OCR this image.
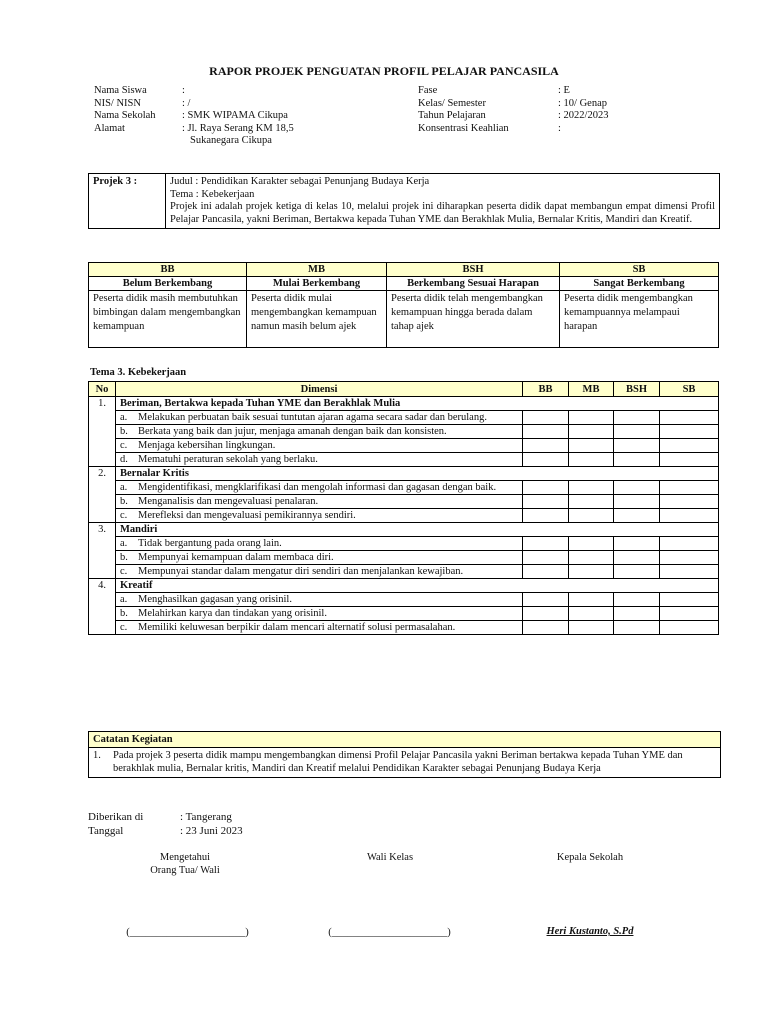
RAPOR PROJEK PENGUATAN PROFIL PELAJAR PANCASILA
Nama Siswa	:
NIS/ NISN	: /
Nama Sekolah	: SMK WIPAMA Cikupa
Alamat	: Jl. Raya Serang KM 18,5
	Sukanegara Cikupa
Fase	: E
Kelas/ Semester	: 10/ Genap
Tahun Pelajaran	: 2022/2023
Konsentrasi Keahlian	:
Projek 3 :	Judul : Pendidikan Karakter sebagai Penunjang Budaya Kerja
Tema : Kebekerjaan
Projek ini adalah projek ketiga di kelas 10, melalui projek ini diharapkan peserta didik dapat membangun empat dimensi Profil Pelajar Pancasila, yakni Beriman, Bertakwa kepada Tuhan YME dan Berakhlak Mulia, Bernalar Kritis, Mandiri dan Kreatif.
BB	MB	BSH	SB
Belum Berkembang	Mulai Berkembang	Berkembang Sesuai Harapan	Sangat Berkembang
Peserta didik masih membutuhkan bimbingan dalam mengembangkan kemampuan	Peserta didik mulai mengembangkan kemampuan namun masih belum ajek	Peserta didik telah mengembangkan kemampuan hingga berada dalam tahap ajek	Peserta didik mengembangkan kemampuannya melampaui harapan
Tema 3. Kebekerjaan
No	Dimensi	BB	MB	BSH	SB
1.	Beriman, Bertakwa kepada Tuhan YME dan Berakhlak Mulia				

	a. Melakukan perbuatan baik sesuai tuntutan ajaran agama secara sadar dan berulang.				

	b. Berkata yang baik dan jujur, menjaga amanah dengan baik dan konsisten.				

	c. Menjaga kebersihan lingkungan.				

	d. Mematuhi peraturan sekolah yang berlaku.				

2.	Bernalar Kritis				

	a. Mengidentifikasi, mengklarifikasi dan mengolah informasi dan gagasan dengan baik.				

	b. Menganalisis dan mengevaluasi penalaran.				

	c. Merefleksi dan mengevaluasi pemikirannya sendiri.				

3.	Mandiri				

	a. Tidak bergantung pada orang lain.				

	b. Mempunyai kemampuan dalam membaca diri.				

	c. Mempunyai standar dalam mengatur diri sendiri dan menjalankan kewajiban.				

4.	Kreatif				

	a. Menghasilkan gagasan yang orisinil.				

	b. Melahirkan karya dan tindakan yang orisinil.				

	c. Memiliki keluwesan berpikir dalam mencari alternatif solusi permasalahan.				

Catatan Kegiatan
1.	Pada projek 3 peserta didik mampu mengembangkan dimensi Profil Pelajar Pancasila yakni Beriman bertakwa kepada Tuhan YME dan berakhlak mulia, Bernalar kritis, Mandiri dan Kreatif melalui Pendidikan Karakter sebagai Penunjang Budaya Kerja
Diberikan di	: Tangerang
Tanggal	: 23 Juni 2023
Mengetahui
Orang Tua/ Wali
Wali Kelas	Kepala Sekolah
(______________________)	(______________________)	Heri Kustanto, S.Pd
